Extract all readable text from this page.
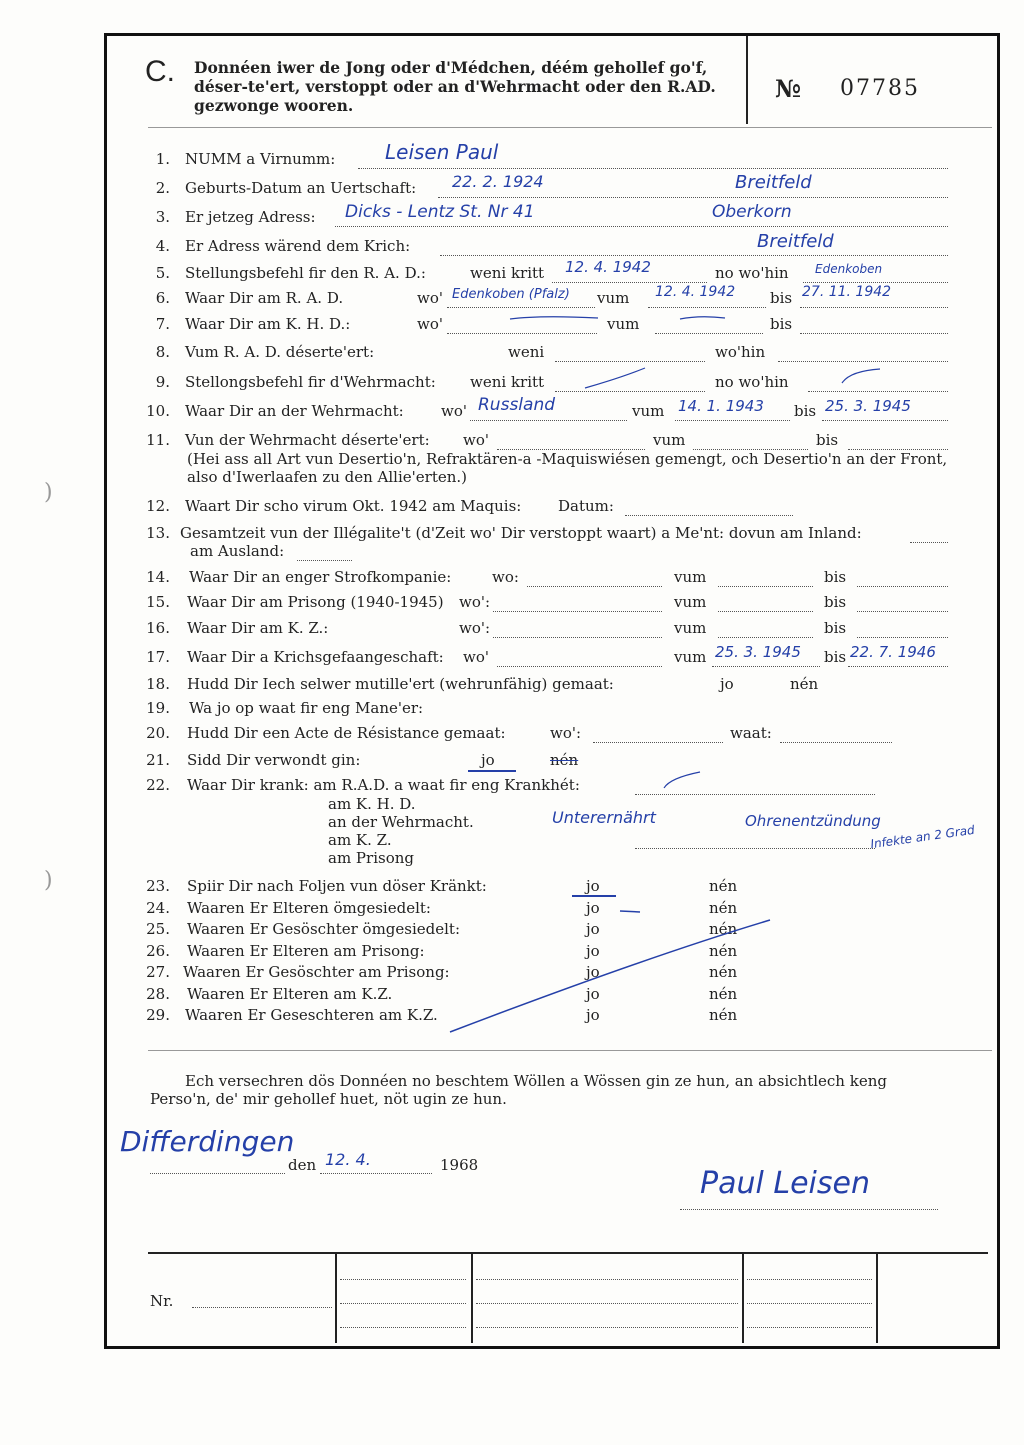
C. Donnéen iwer de Jong oder d'Médchen, déém gehollef go'f, déser-te'ert, verstoppt oder an d'Wehrmacht oder den R.AD. gezwonge wooren.
№ 07785
1. NUMM a Virnumm: Leisen Paul
2. Geburts-Datum an Uertschaft: 22. 2. 1924	Breitfeld
3. Er jetzeg Adress: Dicks - Lentz St. Nr 41	Oberkorn
4. Er Adress wärend dem Krich:	Breitfeld
5. Stellungsbefehl fir den R. A. D.:	weni kritt 12. 4. 1942	no wo'hin Edenkoben
6. Waar Dir am R. A. D.	wo' Edenkoben (Pfalz) vum 12. 4. 1942 bis 27. 11. 1942
7. Waar Dir am K. H. D.:	wo'	vum	bis
8. Vum R. A. D. déserte'ert:	weni	wo'hin
9. Stellongsbefehl fir d'Wehrmacht: weni kritt	no wo'hin
10. Waar Dir an der Wehrmacht: wo' Russland	vum 14. 1. 1943 bis 25. 3. 1945
11. Vun der Wehrmacht déserte'ert: wo'	vum	bis
(Hei ass all Art vun Desertio'n, Refraktären-a -Maquiswiésen gemengt, och Desertio'n an der Front, also d'Iwerlaafen zu den Allie'erten.)
12. Waart Dir scho virum Okt. 1942 am Maquis: Datum:
13. Gesamtzeit vun der Illégalite't (d'Zeit wo' Dir verstoppt waart) a Me'nt: dovun am Inland:
am Ausland:
14. Waar Dir an enger Strofkompanie:	wo:	vum	bis
15. Waar Dir am Prisong (1940-1945) wo':	vum	bis
16. Waar Dir am K. Z.:	wo':	vum	bis
17. Waar Dir a Krichsgefaangeschaft: wo'	vum 25. 3. 1945 bis 22. 7. 1946
18. Hudd Dir Iech selwer mutille'ert (wehrunfähig) gemaat:	jo	nén
19. Wa jo op waat fir eng Mane'er:
20. Hudd Dir een Acte de Résistance gemaat:	wo':	waat:
21. Sidd Dir verwondt gin:	jo	nén
22. Waar Dir krank: am R.A.D. a waat fir eng Krankhét:
am K. H. D.
an der Wehrmacht.
am K. Z.
am Prisong
Unterernährt	Ohrenentzündung
Infekte an 2 Grad
23. Spiir Dir nach Foljen vun döser Kränkt:	jo	nén
24. Waaren Er Elteren ömgesiedelt:	jo	nén
25. Waaren Er Gesöschter ömgesiedelt:	jo	nén
26. Waaren Er Elteren am Prisong:	jo	nén
27. Waaren Er Gesöschter am Prisong:	jo	nén
28. Waaren Er Elteren am K.Z.	jo	nén
29. Waaren Er Geseschteren am K.Z.	jo	nén
Ech versechren dös Donnéen no beschtem Wöllen a Wössen gin ze hun, an absichtlech keng Perso'n, de' mir gehollef huet, nöt ugin ze hun.
Differdingen
den 12. 4.	1968
Paul Leisen
Nr.
)
)
